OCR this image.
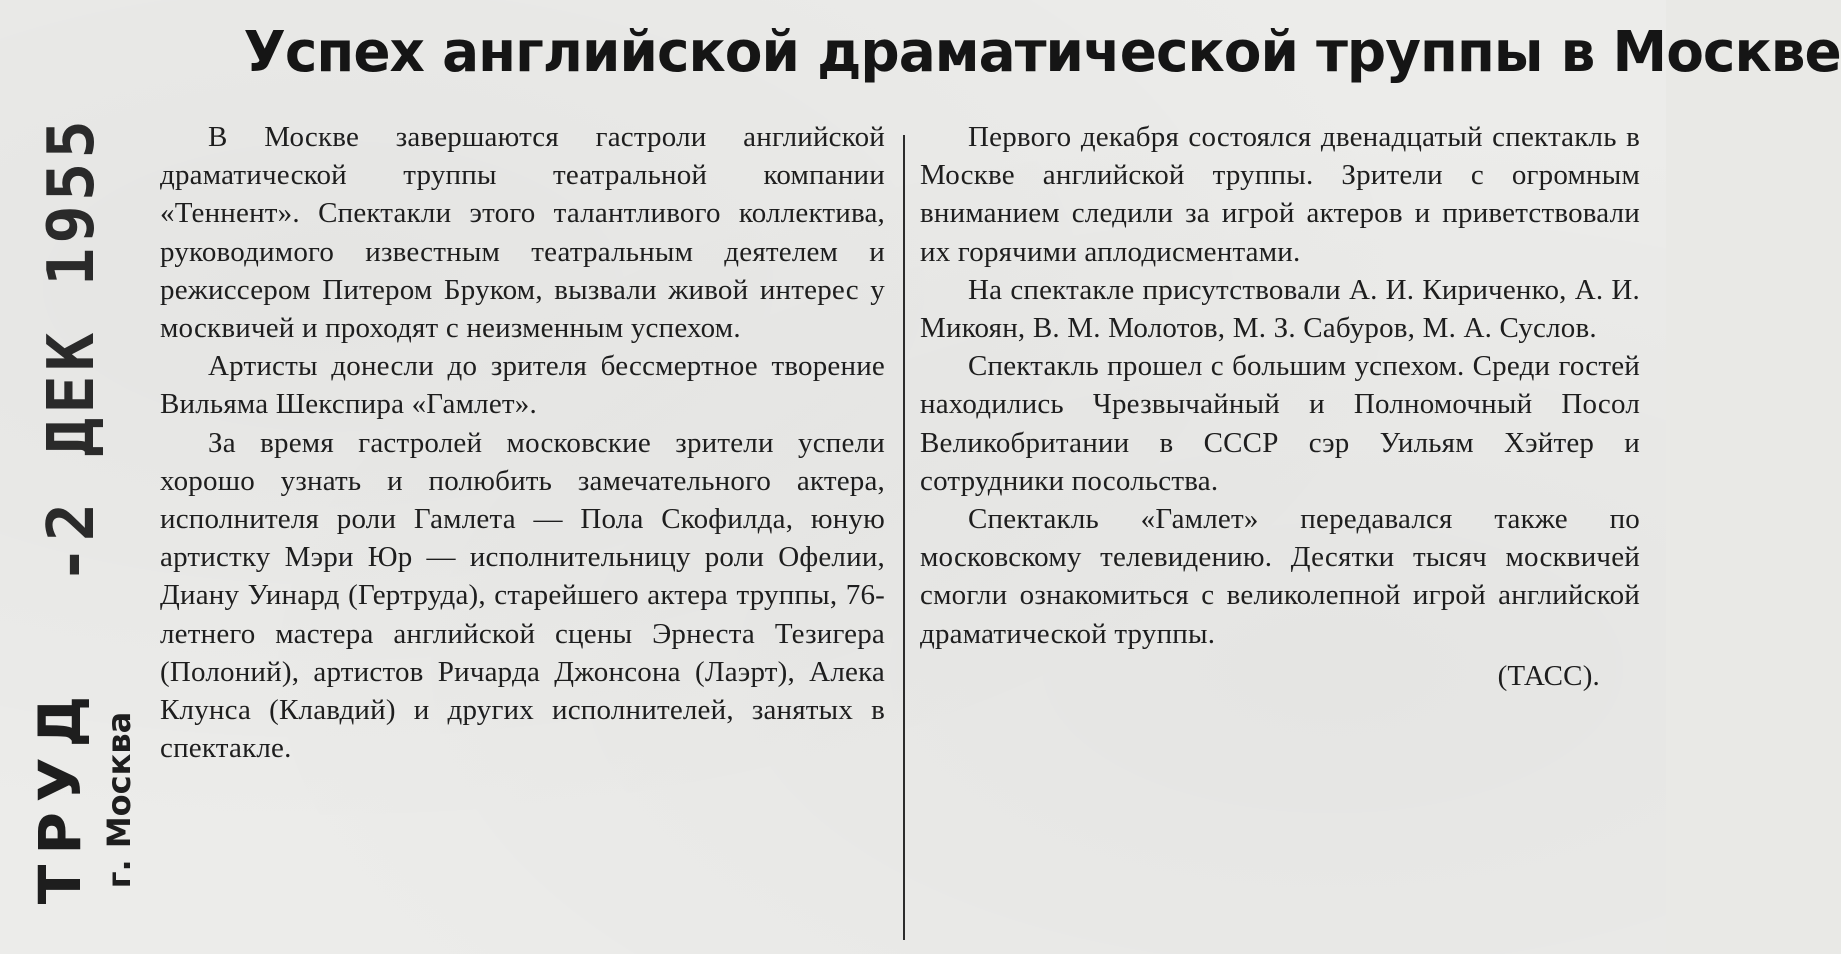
-2 ДЕК 1955
ТРУД г. Москва
Успех английской драматической труппы в Москве

В Москве завершаются гастроли английской драматической труппы театральной компании «Теннент». Спектакли этого талантливого коллектива, руководимого известным театральным деятелем и режиссером Питером Бруком, вызвали живой интерес у москвичей и проходят с неизменным успехом.

Артисты донесли до зрителя бессмертное творение Вильяма Шекспира «Гамлет».

За время гастролей московские зрители успели хорошо узнать и полюбить замечательного актера, исполнителя роли Гамлета — Пола Скофилда, юную артистку Мэри Юр — исполнительницу роли Офелии, Диану Уинард (Гертруда), старейшего актера труппы, 76-летнего мастера английской сцены Эрнеста Тезигера (Полоний), артистов Ричарда Джонсона (Лаэрт), Алека Клунса (Клавдий) и других исполнителей, занятых в спектакле.

Первого декабря состоялся двенадцатый спектакль в Москве английской труппы. Зрители с огромным вниманием следили за игрой актеров и приветствовали их горячими аплодисментами.

На спектакле присутствовали А. И. Кириченко, А. И. Микоян, В. М. Молотов, М. З. Сабуров, М. А. Суслов.

Спектакль прошел с большим успехом. Среди гостей находились Чрезвычайный и Полномочный Посол Великобритании в СССР сэр Уильям Хэйтер и сотрудники посольства.

Спектакль «Гамлет» передавался также по московскому телевидению. Десятки тысяч москвичей смогли ознакомиться с великолепной игрой английской драматической труппы.

(ТАСС).
